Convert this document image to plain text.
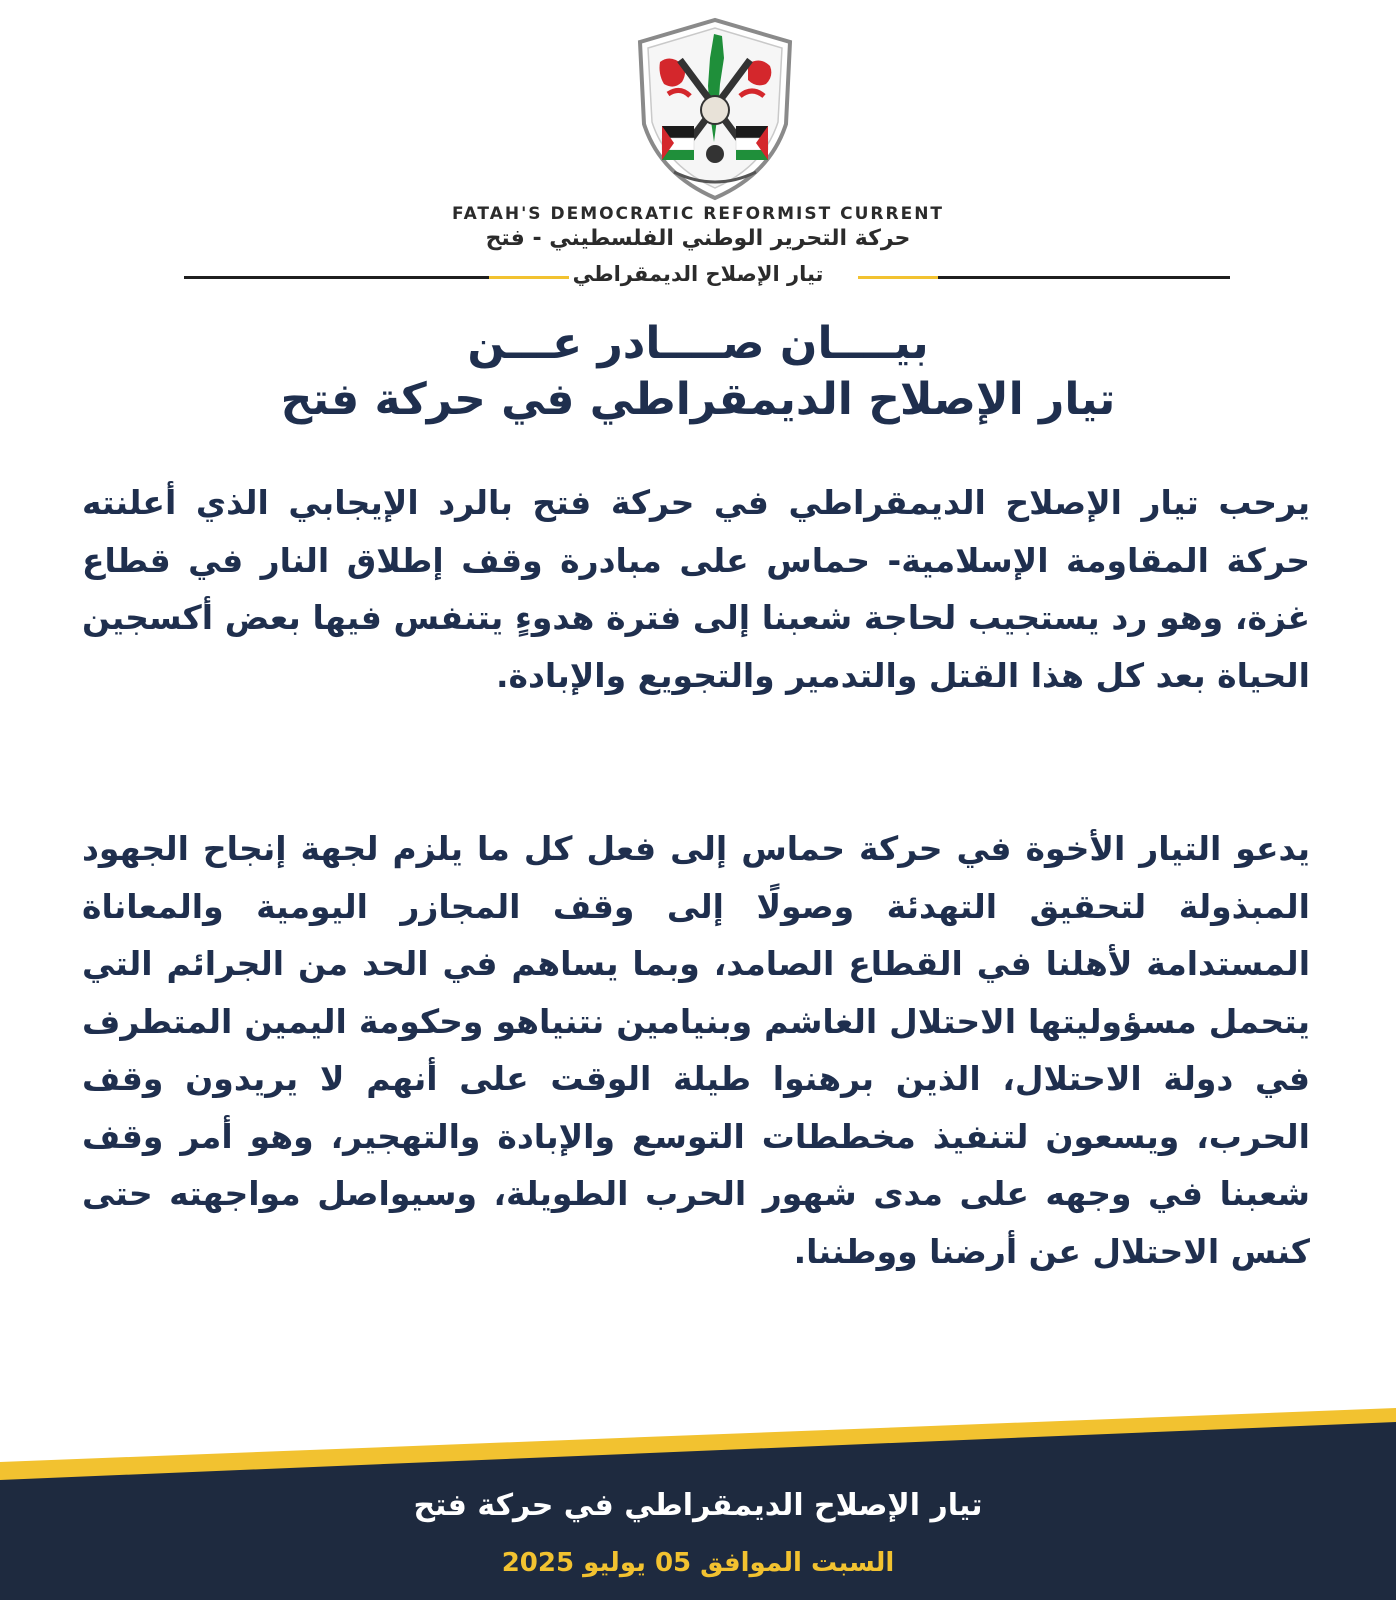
FATAH'S DEMOCRATIC REFORMIST CURRENT
حركة التحرير الوطني الفلسطيني - فتح
تيار الإصلاح الديمقراطي
بيــــان صــــادر عـــن
تيار الإصلاح الديمقراطي في حركة فتح

يرحب تيار الإصلاح الديمقراطي في حركة فتح بالرد الإيجابي الذي أعلنته حركة المقاومة الإسلامية- حماس على مبادرة وقف إطلاق النار في قطاع غزة، وهو رد يستجيب لحاجة شعبنا إلى فترة هدوءٍ يتنفس فيها بعض أكسجين الحياة بعد كل هذا القتل والتدمير والتجويع والإبادة.

يدعو التيار الأخوة في حركة حماس إلى فعل كل ما يلزم لجهة إنجاح الجهود المبذولة لتحقيق التهدئة وصولًا إلى وقف المجازر اليومية والمعاناة المستدامة لأهلنا في القطاع الصامد، وبما يساهم في الحد من الجرائم التي يتحمل مسؤوليتها الاحتلال الغاشم وبنيامين نتنياهو وحكومة اليمين المتطرف في دولة الاحتلال، الذين برهنوا طيلة الوقت على أنهم لا يريدون وقف الحرب، ويسعون لتنفيذ مخططات التوسع والإبادة والتهجير، وهو أمر وقف شعبنا في وجهه على مدى شهور الحرب الطويلة، وسيواصل مواجهته حتى كنس الاحتلال عن أرضنا ووطننا.

تيار الإصلاح الديمقراطي في حركة فتح
السبت الموافق 05 يوليو 2025
